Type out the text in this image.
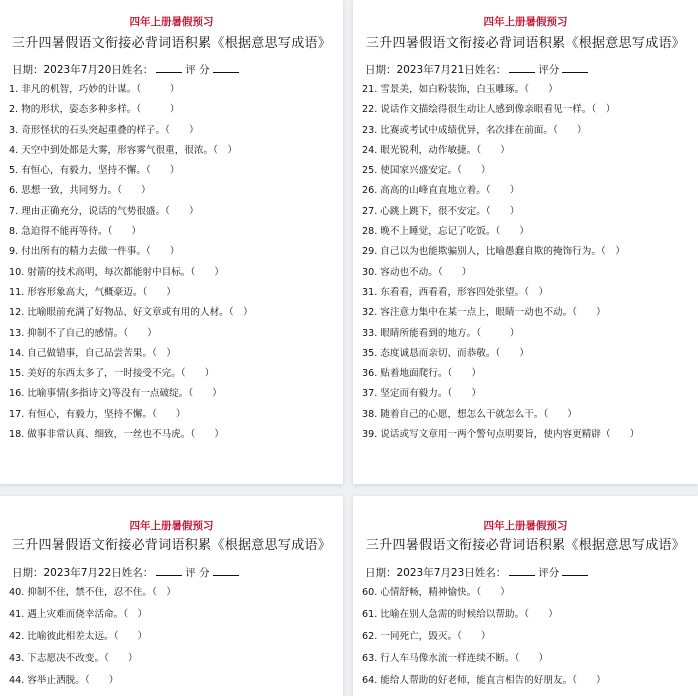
四年上册暑假预习
三升四暑假语文衔接必背词语积累《根据意思写成语》
日期：2023年7月20日姓名：	评 分
1. 非凡的机智，巧妙的计谋。（　　　）
2. 物的形状，姿态多种多样。（　　　）
3. 奇形怪状的石头突起重叠的样子。（　　）
4. 天空中到处都是大雾，形容雾气很重，很浓。（　）
5. 有恒心，有毅力，坚持不懈。（　　）
6. 思想一致，共同努力。（　　）
7. 理由正确充分，说话的气势很盛。（　　）
8. 急迫得不能再等待。（　　）
9. 付出所有的精力去做一件事。（　　）
10. 射箭的技术高明，每次都能射中目标。（　　）
11. 形容形象高大，气概豪迈。（　　）
12. 比喻眼前充满了好物品、好文章或有用的人材。（　）
13. 抑制不了自己的感情。（　　）
14. 自己做错事，自己品尝苦果。（　）
15. 美好的东西太多了，一时接受不完。（　　）
16. 比喻事情(多指诗文)等没有一点破绽。（　　）
17. 有恒心，有毅力，坚持不懈。（　　）
18. 做事非常认真、细致，一丝也不马虎。（　　）
四年上册暑假预习
三升四暑假语文衔接必背词语积累《根据意思写成语》
日期：2023年7月21日姓名：	评分
21. 雪景美，如白粉装饰，白玉雕琢。（　　）
22. 说话作文描绘得很生动让人感到像亲眼看见一样。（　）
23. 比赛或考试中成绩优异，名次排在前面。（　　）
24. 眼光锐利，动作敏捷。（　　）
25. 使国家兴盛安定。（　　）
26. 高高的山峰直直地立着。（　　）
27. 心跳上跳下，很不安定。（　　）
28. 晚不上睡觉，忘记了吃饭。（　　）
29. 自己以为也能欺骗别人，比喻愚蠢自欺的掩饰行为。（　）
30. 容动也不动。（　　）
31. 东看看，西看看，形容四处张望。（　）
32. 容注意力集中在某一点上，眼睛一动也不动。（　　）
33. 眼睛所能看到的地方。（　　　）
35. 态度诚恳而亲切、而恭敬。（　　）
36. 贴着地面爬行。（　　）
37. 坚定而有毅力。（　　）
38. 随着自己的心愿，想怎么干就怎么干。（　　）
39. 说话或写文章用一两个警句点明要旨，使内容更精辟（　　）
四年上册暑假预习
三升四暑假语文衔接必背词语积累《根据意思写成语》
日期：2023年7月22日姓名：	评 分
40. 抑制不住，禁不住，忍不住。（　）
41. 遇上灾难而侥幸活命。（　）
42. 比喻彼此相差太远。（　　）
43. 下志愿决不改变。（　　）
44. 容举止洒脱。（　　）
四年上册暑假预习
三升四暑假语文衔接必背词语积累《根据意思写成语》
日期：2023年7月23日姓名：	评分
60. 心情舒畅，精神愉快。（　　）
61. 比喻在别人急需的时候给以帮助。（　　）
62. 一同死亡，毁灭。（　　）
63. 行人车马像水流一样连续不断。（　　）
64. 能给人帮助的好老师，能直言相告的好朋友。（　　）
